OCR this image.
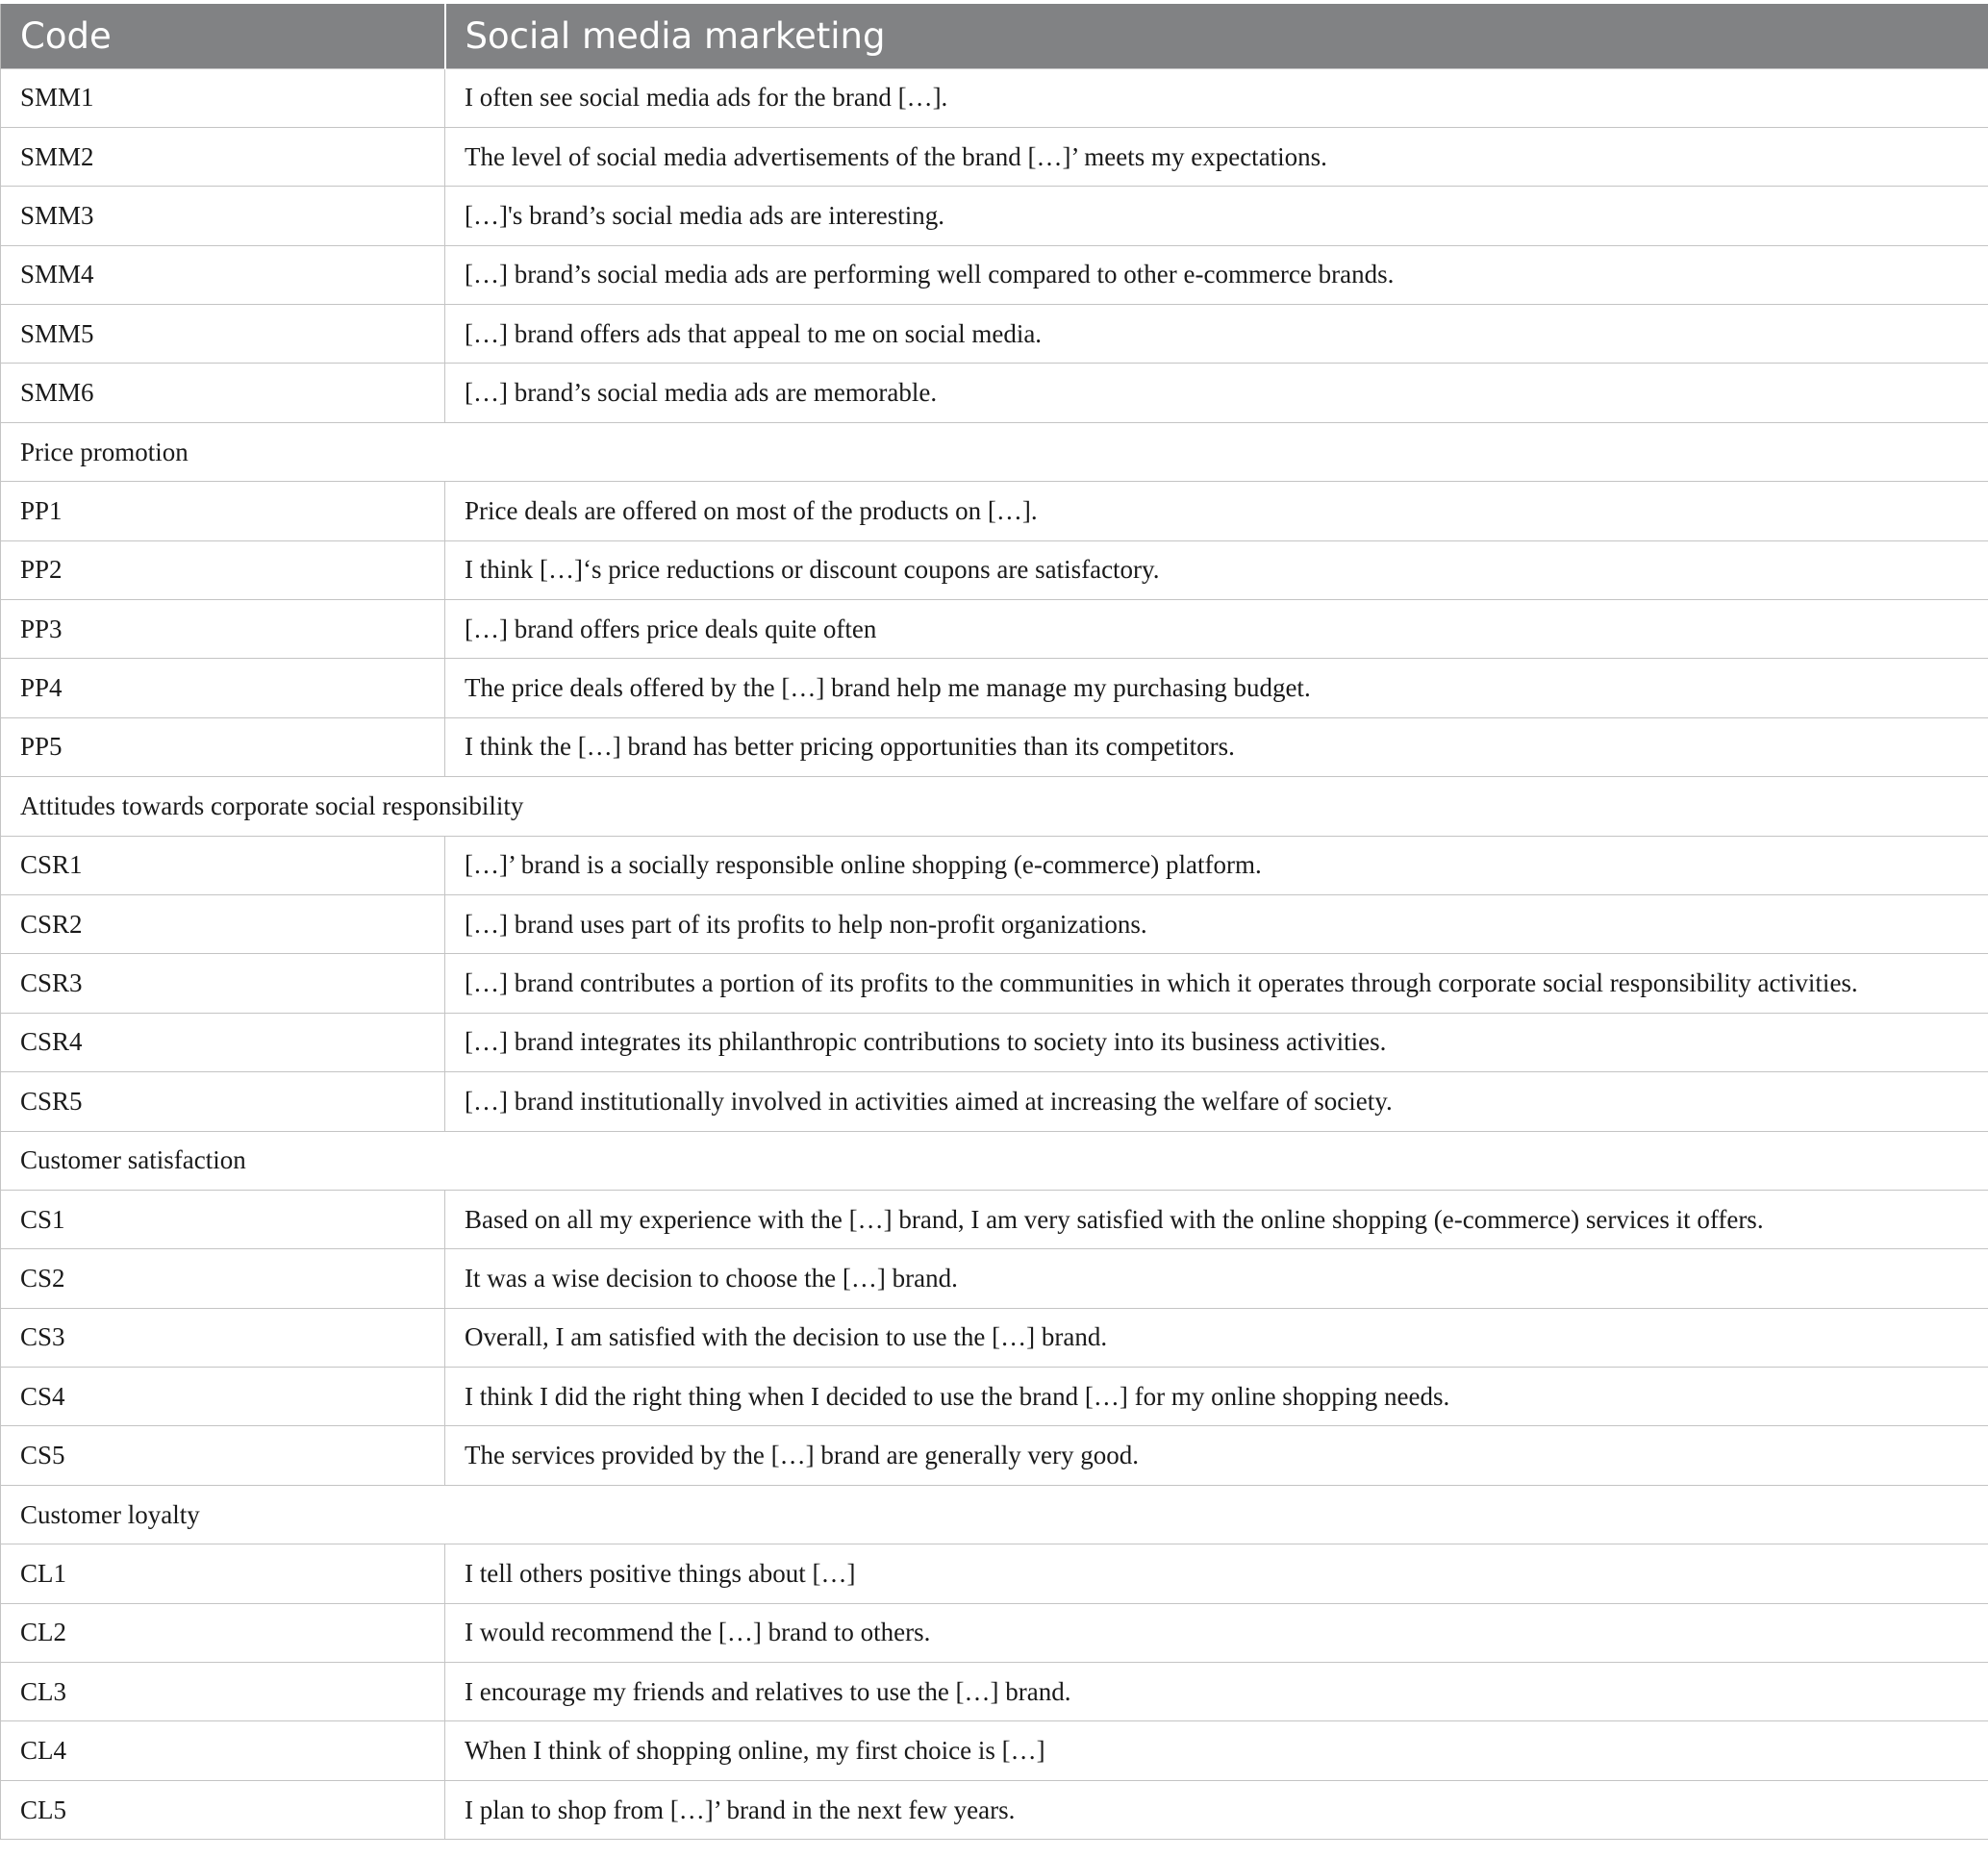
Code	Social media marketing
SMM1	I often see social media ads for the brand […].
SMM2	The level of social media advertisements of the brand […]’ meets my expectations.
SMM3	[…]'s brand’s social media ads are interesting.
SMM4	[…] brand’s social media ads are performing well compared to other e-commerce brands.
SMM5	[…] brand offers ads that appeal to me on social media.
SMM6	[…] brand’s social media ads are memorable.
Price promotion	
PP1	Price deals are offered on most of the products on […].
PP2	I think […]‘s price reductions or discount coupons are satisfactory.
PP3	[…] brand offers price deals quite often
PP4	The price deals offered by the […] brand help me manage my purchasing budget.
PP5	I think the […] brand has better pricing opportunities than its competitors.
Attitudes towards corporate social responsibility	
CSR1	[…]’ brand is a socially responsible online shopping (e-commerce) platform.
CSR2	[…] brand uses part of its profits to help non-profit organizations.
CSR3	[…] brand contributes a portion of its profits to the communities in which it operates through corporate social responsibility activities.
CSR4	[…] brand integrates its philanthropic contributions to society into its business activities.
CSR5	[…] brand institutionally involved in activities aimed at increasing the welfare of society.
Customer satisfaction	
CS1	Based on all my experience with the […] brand, I am very satisfied with the online shopping (e-commerce) services it offers.
CS2	It was a wise decision to choose the […] brand.
CS3	Overall, I am satisfied with the decision to use the […] brand.
CS4	I think I did the right thing when I decided to use the brand […] for my online shopping needs.
CS5	The services provided by the […] brand are generally very good.
Customer loyalty	
CL1	I tell others positive things about […]
CL2	I would recommend the […] brand to others.
CL3	I encourage my friends and relatives to use the […] brand.
CL4	When I think of shopping online, my first choice is […]
CL5	I plan to shop from […]’ brand in the next few years.
